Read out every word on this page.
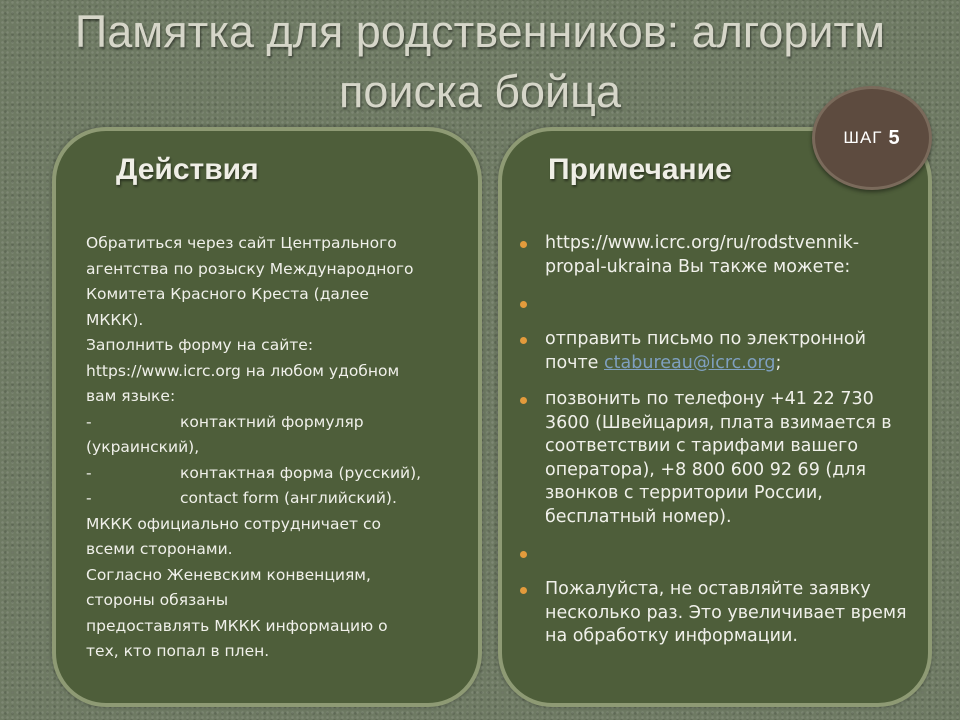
Памятка для родственников: алгоритм поиска бойца
Действия
Обратиться через сайт Центрального
агентства по розыску Международного
Комитета Красного Креста (далее
МККК).
Заполнить форму на сайте:
https://www.icrc.org на любом удобном
вам языке:
-	контактний формуляр
(украинский),
-	контактная форма (русский),
-	contact form (английский).
МККК официально сотрудничает со
всеми сторонами.
Согласно Женевским конвенциям,
стороны обязаны
предоставлять МККК информацию о
тех, кто попал в плен.
Примечание
https://www.icrc.org/ru/rodstvennik-propal-ukraina Вы также можете:
отправить письмо по электронной почте ctabureau@icrc.org;
позвонить по телефону +41 22 730 3600 (Швейцария, плата взимается в соответствии с тарифами вашего оператора), +8 800 600 92 69 (для звонков с территории России, бесплатный номер).
Пожалуйста, не оставляйте заявку несколько раз. Это увеличивает время на обработку информации.
ШАГ 5
